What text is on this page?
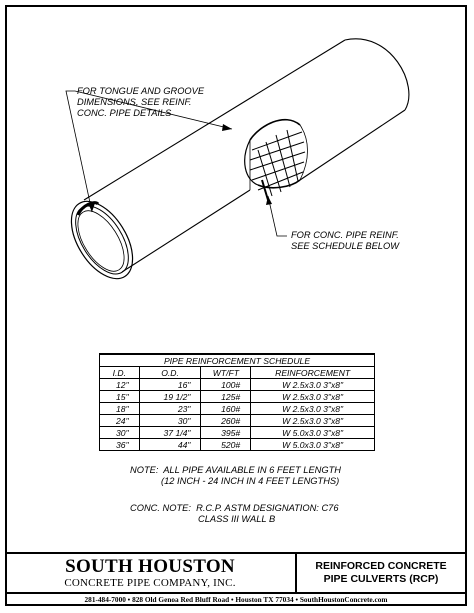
FOR TONGUE AND GROOVE
DIMENSIONS, SEE REINF.
CONC. PIPE DETAILS
FOR CONC. PIPE REINF.
SEE SCHEDULE BELOW
PIPE REINFORCEMENT SCHEDULE			
I.D.	O.D.	WT/FT	REINFORCEMENT
12"	16"	100#	W 2.5x3.0 3"x8"
15"	19 1/2"	125#	W 2.5x3.0 3"x8"
18"	23"	160#	W 2.5x3.0 3"x8"
24"	30"	260#	W 2.5x3.0 3"x8"
30"	37 1/4"	395#	W 5.0x3.0 3"x8"
36"	44"	520#	W 5.0x3.0 3"x8"
NOTE:  ALL PIPE AVAILABLE IN 6 FEET LENGTH
(12 INCH - 24 INCH IN 4 FEET LENGTHS)
CONC. NOTE:  R.C.P. ASTM DESIGNATION: C76
CLASS III WALL B
SOUTH HOUSTON
CONCRETE PIPE COMPANY, INC.
REINFORCED CONCRETE
PIPE CULVERTS (RCP)
281-484-7000 • 828 Old Genoa Red Bluff Road • Houston TX 77034 • SouthHoustonConcrete.com
